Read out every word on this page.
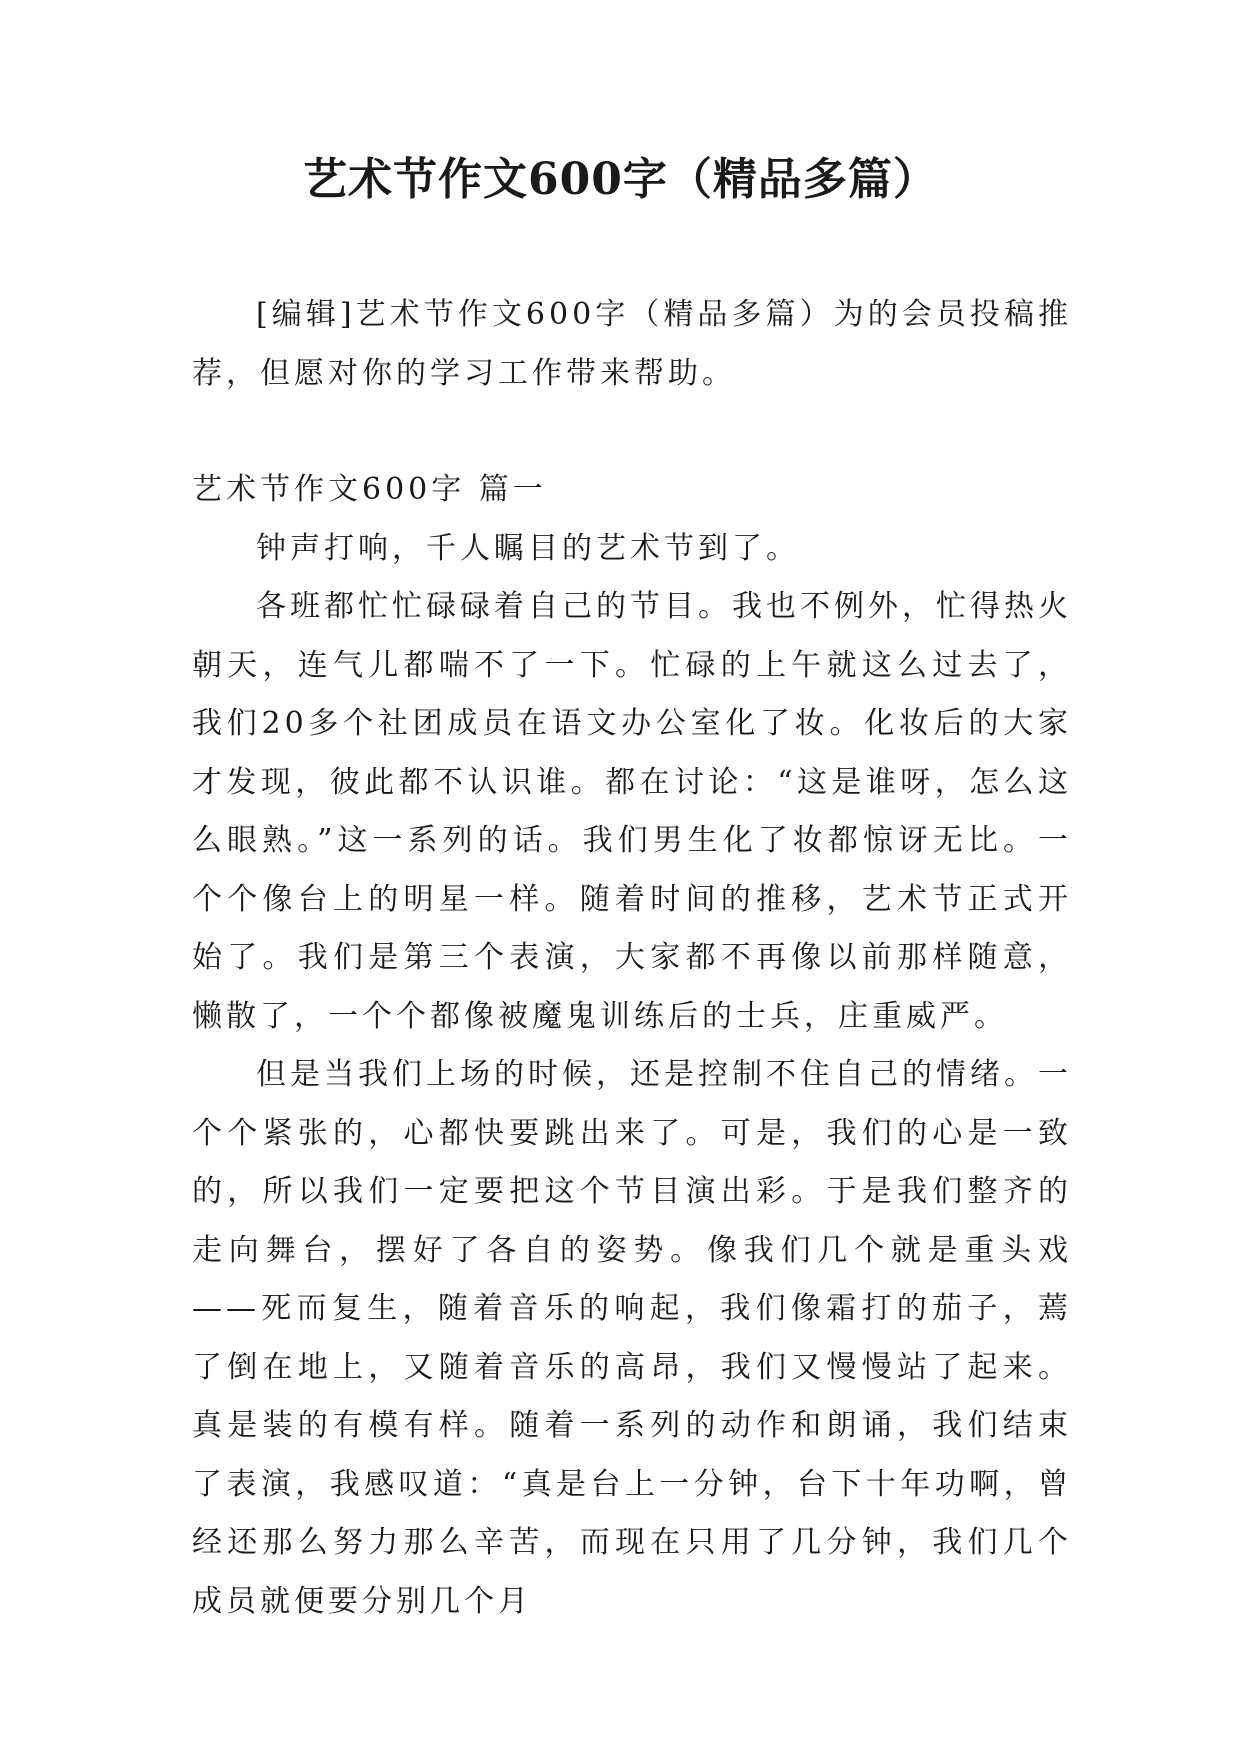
艺术节作文600字（精品多篇）

[编辑]艺术节作文600字（精品多篇）为的会员投稿推荐，但愿对你的学习工作带来帮助。

艺术节作文600字 篇一

钟声打响，千人瞩目的艺术节到了。

各班都忙忙碌碌着自己的节目。我也不例外，忙得热火朝天，连气儿都喘不了一下。忙碌的上午就这么过去了，我们20多个社团成员在语文办公室化了妆。化妆后的大家才发现，彼此都不认识谁。都在讨论：“这是谁呀，怎么这么眼熟。”这一系列的话。我们男生化了妆都惊讶无比。一个个像台上的明星一样。随着时间的推移，艺术节正式开始了。我们是第三个表演，大家都不再像以前那样随意，懒散了，一个个都像被魔鬼训练后的士兵，庄重威严。

但是当我们上场的时候，还是控制不住自己的情绪。一个个紧张的，心都快要跳出来了。可是，我们的心是一致的，所以我们一定要把这个节目演出彩。于是我们整齐的走向舞台，摆好了各自的姿势。像我们几个就是重头戏——死而复生，随着音乐的响起，我们像霜打的茄子，蔫了倒在地上，又随着音乐的高昂，我们又慢慢站了起来。真是装的有模有样。随着一系列的动作和朗诵，我们结束了表演，我感叹道：“真是台上一分钟，台下十年功啊，曾经还那么努力那么辛苦，而现在只用了几分钟，我们几个成员就便要分别几个月
